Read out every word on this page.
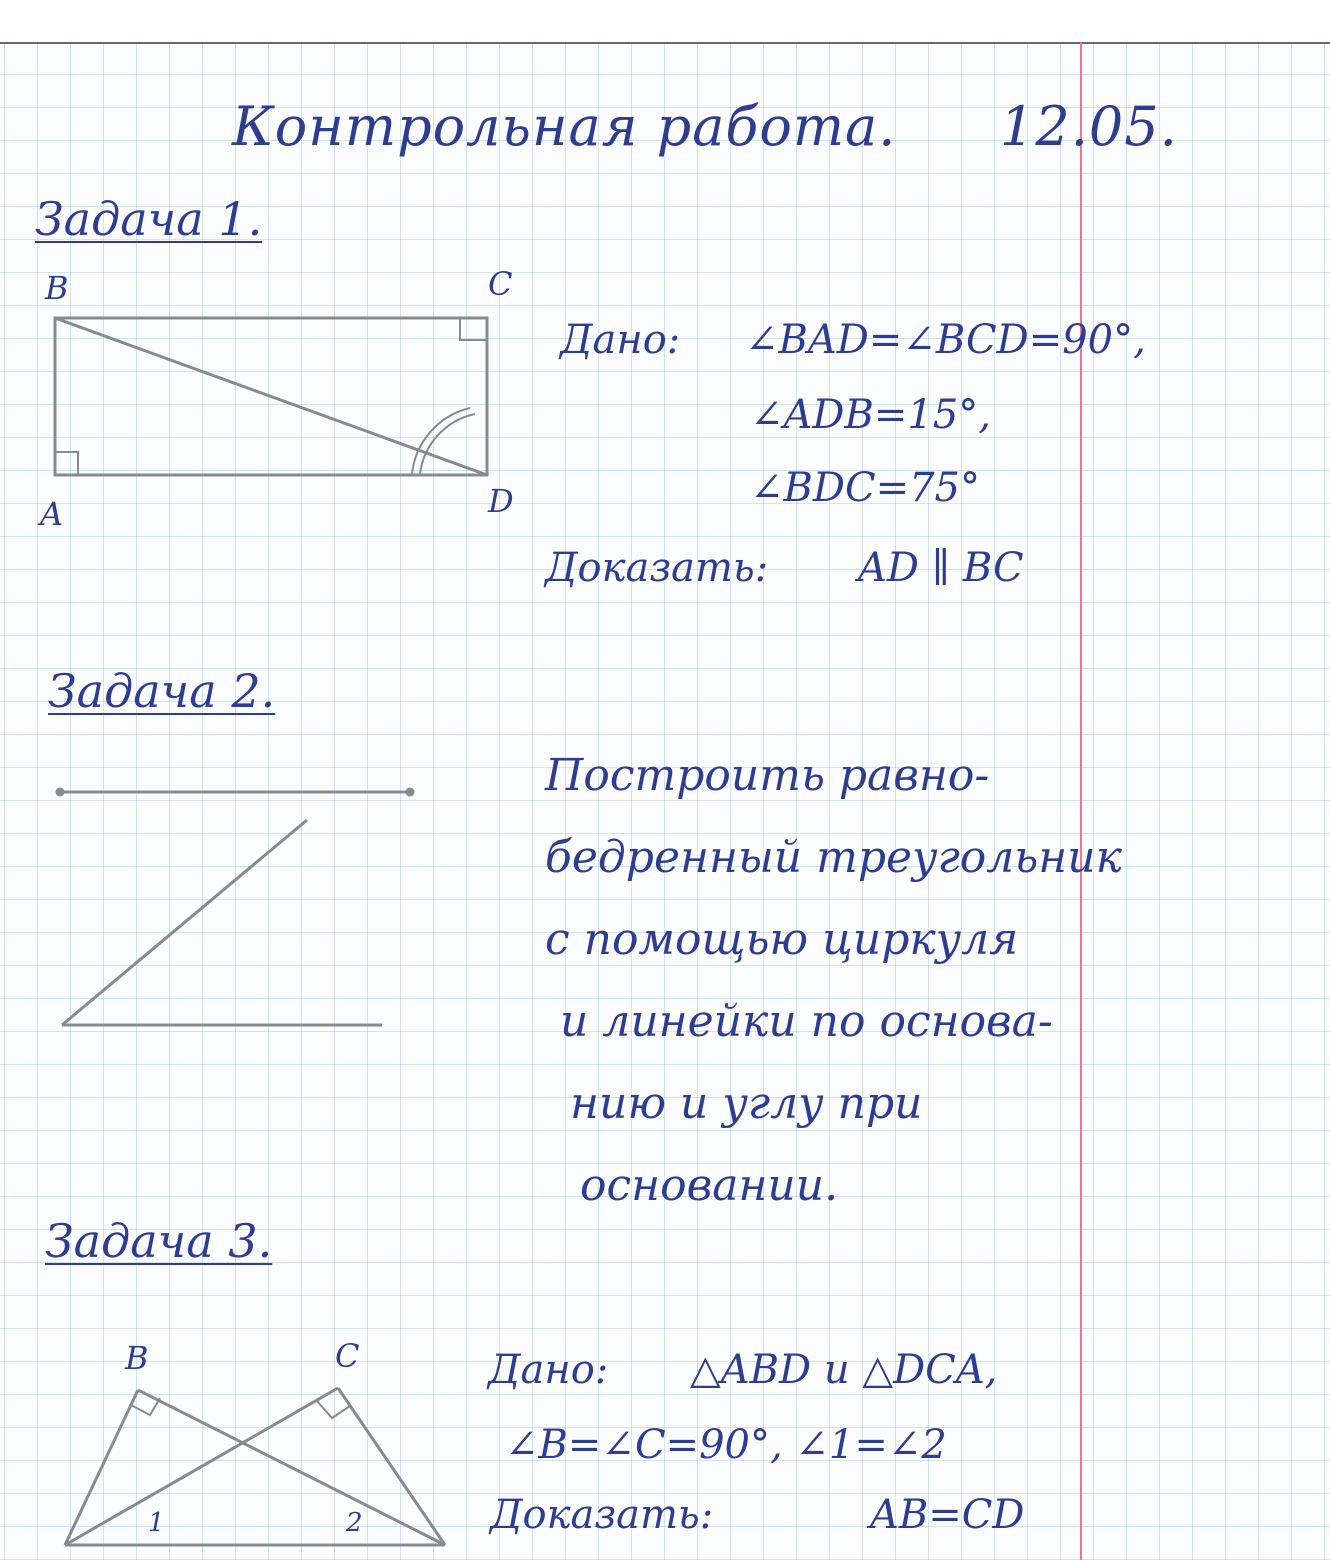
Контрольная работа. 12.05.
Задача 1.
B	C
A	D
Дано: ∠BAD=∠BCD=90°,
∠ADB=15°,
∠BDC=75°
Доказать: AD ∥ BC
Задача 2.
Построить равно-
бедренный треугольник
с помощью циркуля
и линейки по основа-
нию и углу при
основании.
Задача 3.
B	C
1	2
Дано: △ABD и △DCA,
∠B=∠C=90°, ∠1=∠2
Доказать:	AB=CD
